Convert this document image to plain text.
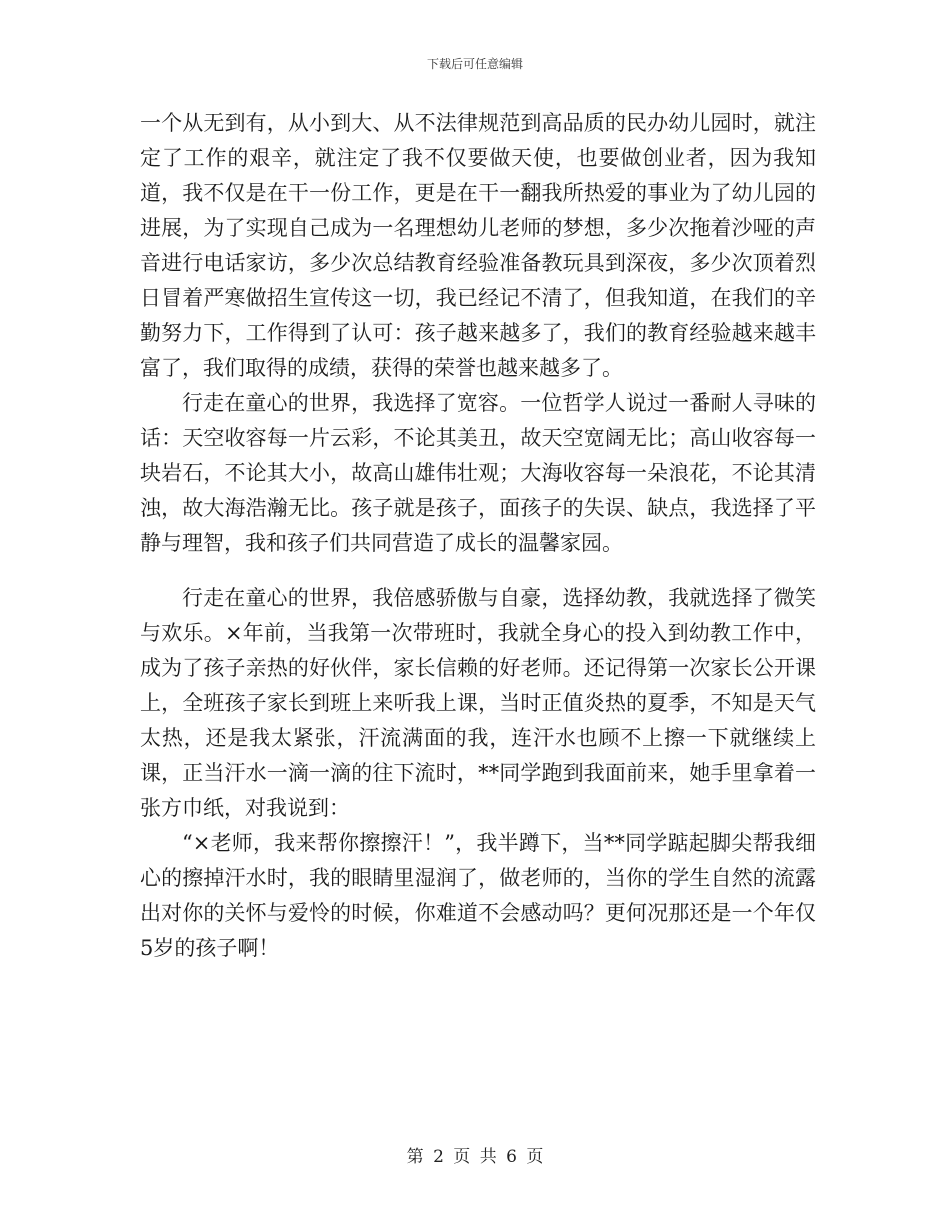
下载后可任意编辑

一个从无到有，从小到大、从不法律规范到高品质的民办幼儿园时，就注定了工作的艰辛，就注定了我不仅要做天使，也要做创业者，因为我知道，我不仅是在干一份工作，更是在干一翻我所热爱的事业为了幼儿园的进展，为了实现自己成为一名理想幼儿老师的梦想，多少次拖着沙哑的声音进行电话家访，多少次总结教育经验准备教玩具到深夜，多少次顶着烈日冒着严寒做招生宣传这一切，我已经记不清了，但我知道，在我们的辛勤努力下，工作得到了认可：孩子越来越多了，我们的教育经验越来越丰富了，我们取得的成绩，获得的荣誉也越来越多了。

行走在童心的世界，我选择了宽容。一位哲学人说过一番耐人寻味的话：天空收容每一片云彩，不论其美丑，故天空宽阔无比；高山收容每一块岩石，不论其大小，故高山雄伟壮观；大海收容每一朵浪花，不论其清浊，故大海浩瀚无比。孩子就是孩子，面孩子的失误、缺点，我选择了平静与理智，我和孩子们共同营造了成长的温馨家园。

行走在童心的世界，我倍感骄傲与自豪，选择幼教，我就选择了微笑与欢乐。×年前，当我第一次带班时，我就全身心的投入到幼教工作中，成为了孩子亲热的好伙伴，家长信赖的好老师。还记得第一次家长公开课上，全班孩子家长到班上来听我上课，当时正值炎热的夏季，不知是天气太热，还是我太紧张，汗流满面的我，连汗水也顾不上擦一下就继续上课，正当汗水一滴一滴的往下流时，**同学跑到我面前来，她手里拿着一张方巾纸，对我说到：

“×老师，我来帮你擦擦汗！”，我半蹲下，当**同学踮起脚尖帮我细心的擦掉汗水时，我的眼睛里湿润了，做老师的，当你的学生自然的流露出对你的关怀与爱怜的时候，你难道不会感动吗？更何况那还是一个年仅5岁的孩子啊！

第 2 页 共 6 页
